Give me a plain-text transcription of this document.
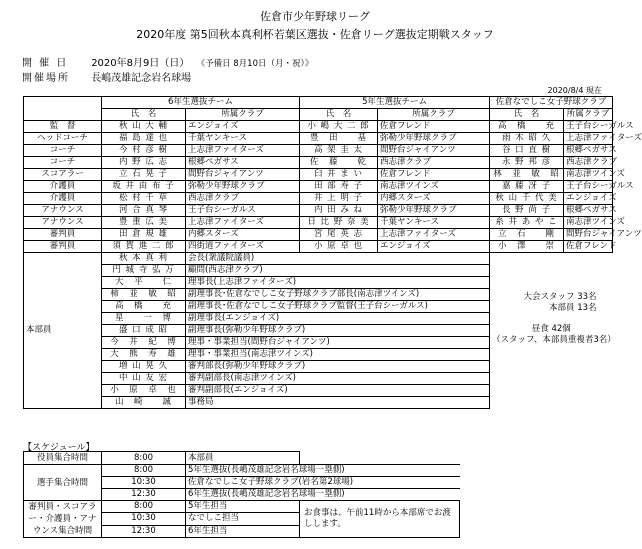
佐倉市少年野球リーグ
2020年度 第5回秋本真利杯若葉区選抜・佐倉リーグ選抜定期戦スタッフ
開 催 日 2020年8月9日（日） 《予備日 8月10日（月・祝）》
開催場所 長嶋茂雄記念岩名球場
2020/8/4 現在
	6年生選抜チーム		5年生選抜チーム		佐倉なでしこ女子野球クラブ	
	氏　名	所属クラブ	氏　名	所属クラブ	氏　名	所属クラブ
監　督	秋 山 大 輔	エンジョイズ	小 嶋 大 二 郎	佐倉フレンド	高　橋　　充	王子台シーガルス
ヘッドコーチ	福 島 達 也	千葉ヤンキース	豊　田　　基	弥勒少年野球クラブ	雨 木 昭 久	上志津ファイターズ
コーチ	今 村 彦 樹	上志津ファイターズ	高 架 圭 太	間野台ジャイアンツ	谷 口 直 樹	根郷ペガサス
コーチ	内 野 広 志	根郷ペガサス	佐　藤　　乾	西志津クラブ	永 野 邦 彦	西志津クラブ
スコアラー	立 石 晃 子	間野台ジャイアンツ	臼 井 ま い	佐倉フレンド	林　並　敏　昭	南志津ツインズ
介護員	坂 井 由 布 子	弥勒少年野球クラブ	田 部 寿 子	南志津ツインズ	嘉 藤 冴 子	王子台シーガルス
介護員	松 村 千 草	西志津クラブ	井 上 明 子	内郷スターズ	秋 山 千 代 美	エンジョイズ
アナウンス	河 合 真 琴	王子台シーガルス	内 田 み ね	弥勒少年野球クラブ	長 野 尚 子	根郷ペガサス
アナウンス	豊 重 広 美	上志津ファイターズ	日 比 野 奈 美	千葉ヤンキース	糸 井 あ や こ	南志津ツインズ
審判員	田 倉 規 雄	内郷スターズ	宮 尾 英 志	上志津ファイターズ	立　石　　剛	間野台ジャイアンツ
審判員	須 賀 進 二 郎	四街道ファイターズ	小 原 卓 也	エンジョイズ	小　澤　　崇	佐倉フレンド
本部員	秋 本 真 利	会長(衆議院議員)			大会スタッフ 33名
本部員 13名
昼食 42個
（スタッフ、本部員重複者3名）	

	円 城 寺 弘 万	顧問(西志津クラブ)				
	大　平　　仁	理事長(上志津ファイターズ)				
	柿　並　敏　昭	副理事長･佐倉なでしこ女子野球クラブ部長(南志津ツインズ)				
	高　橋　　充	副理事長･佐倉なでしこ女子野球クラブ監督(王子台シーガルス)				
	星　　一　博	副理事長(エンジョイズ)				
	盛 口 成 昭	副理事長(弥勒少年野球クラブ)				
	今　井　紀　博	理事・事業担当(間野台ジャイアンツ)				
	大　熊　寿　雄	理事・事業担当(南志津ツインズ)				
	増 山 晃 久	審判部長(弥勒少年野球クラブ)				
	中 山 友 宏	審判副部長(南志津ツインズ)				
	小　原　卓　也	審判副部長(エンジョイズ)				
	山　崎　　誠	事務局				
【スケジュール】
役員集合時間	8:00	本部員	
選手集合時間	8:00	5年生選抜(長嶋茂雄記念岩名球場一塁側)	
	10:30	佐倉なでしこ女子野球クラブ(岩名第2球場)	
	12:30	6年生選抜(長嶋茂雄記念岩名球場一塁側)	
審判員・スコアラー・介護員・アナウンス集合時間	8:00	5年生担当	お食事は、午前11時から本部席でお渡しします。
	10:30	なでしこ担当	
	12:30	6年生担当	
